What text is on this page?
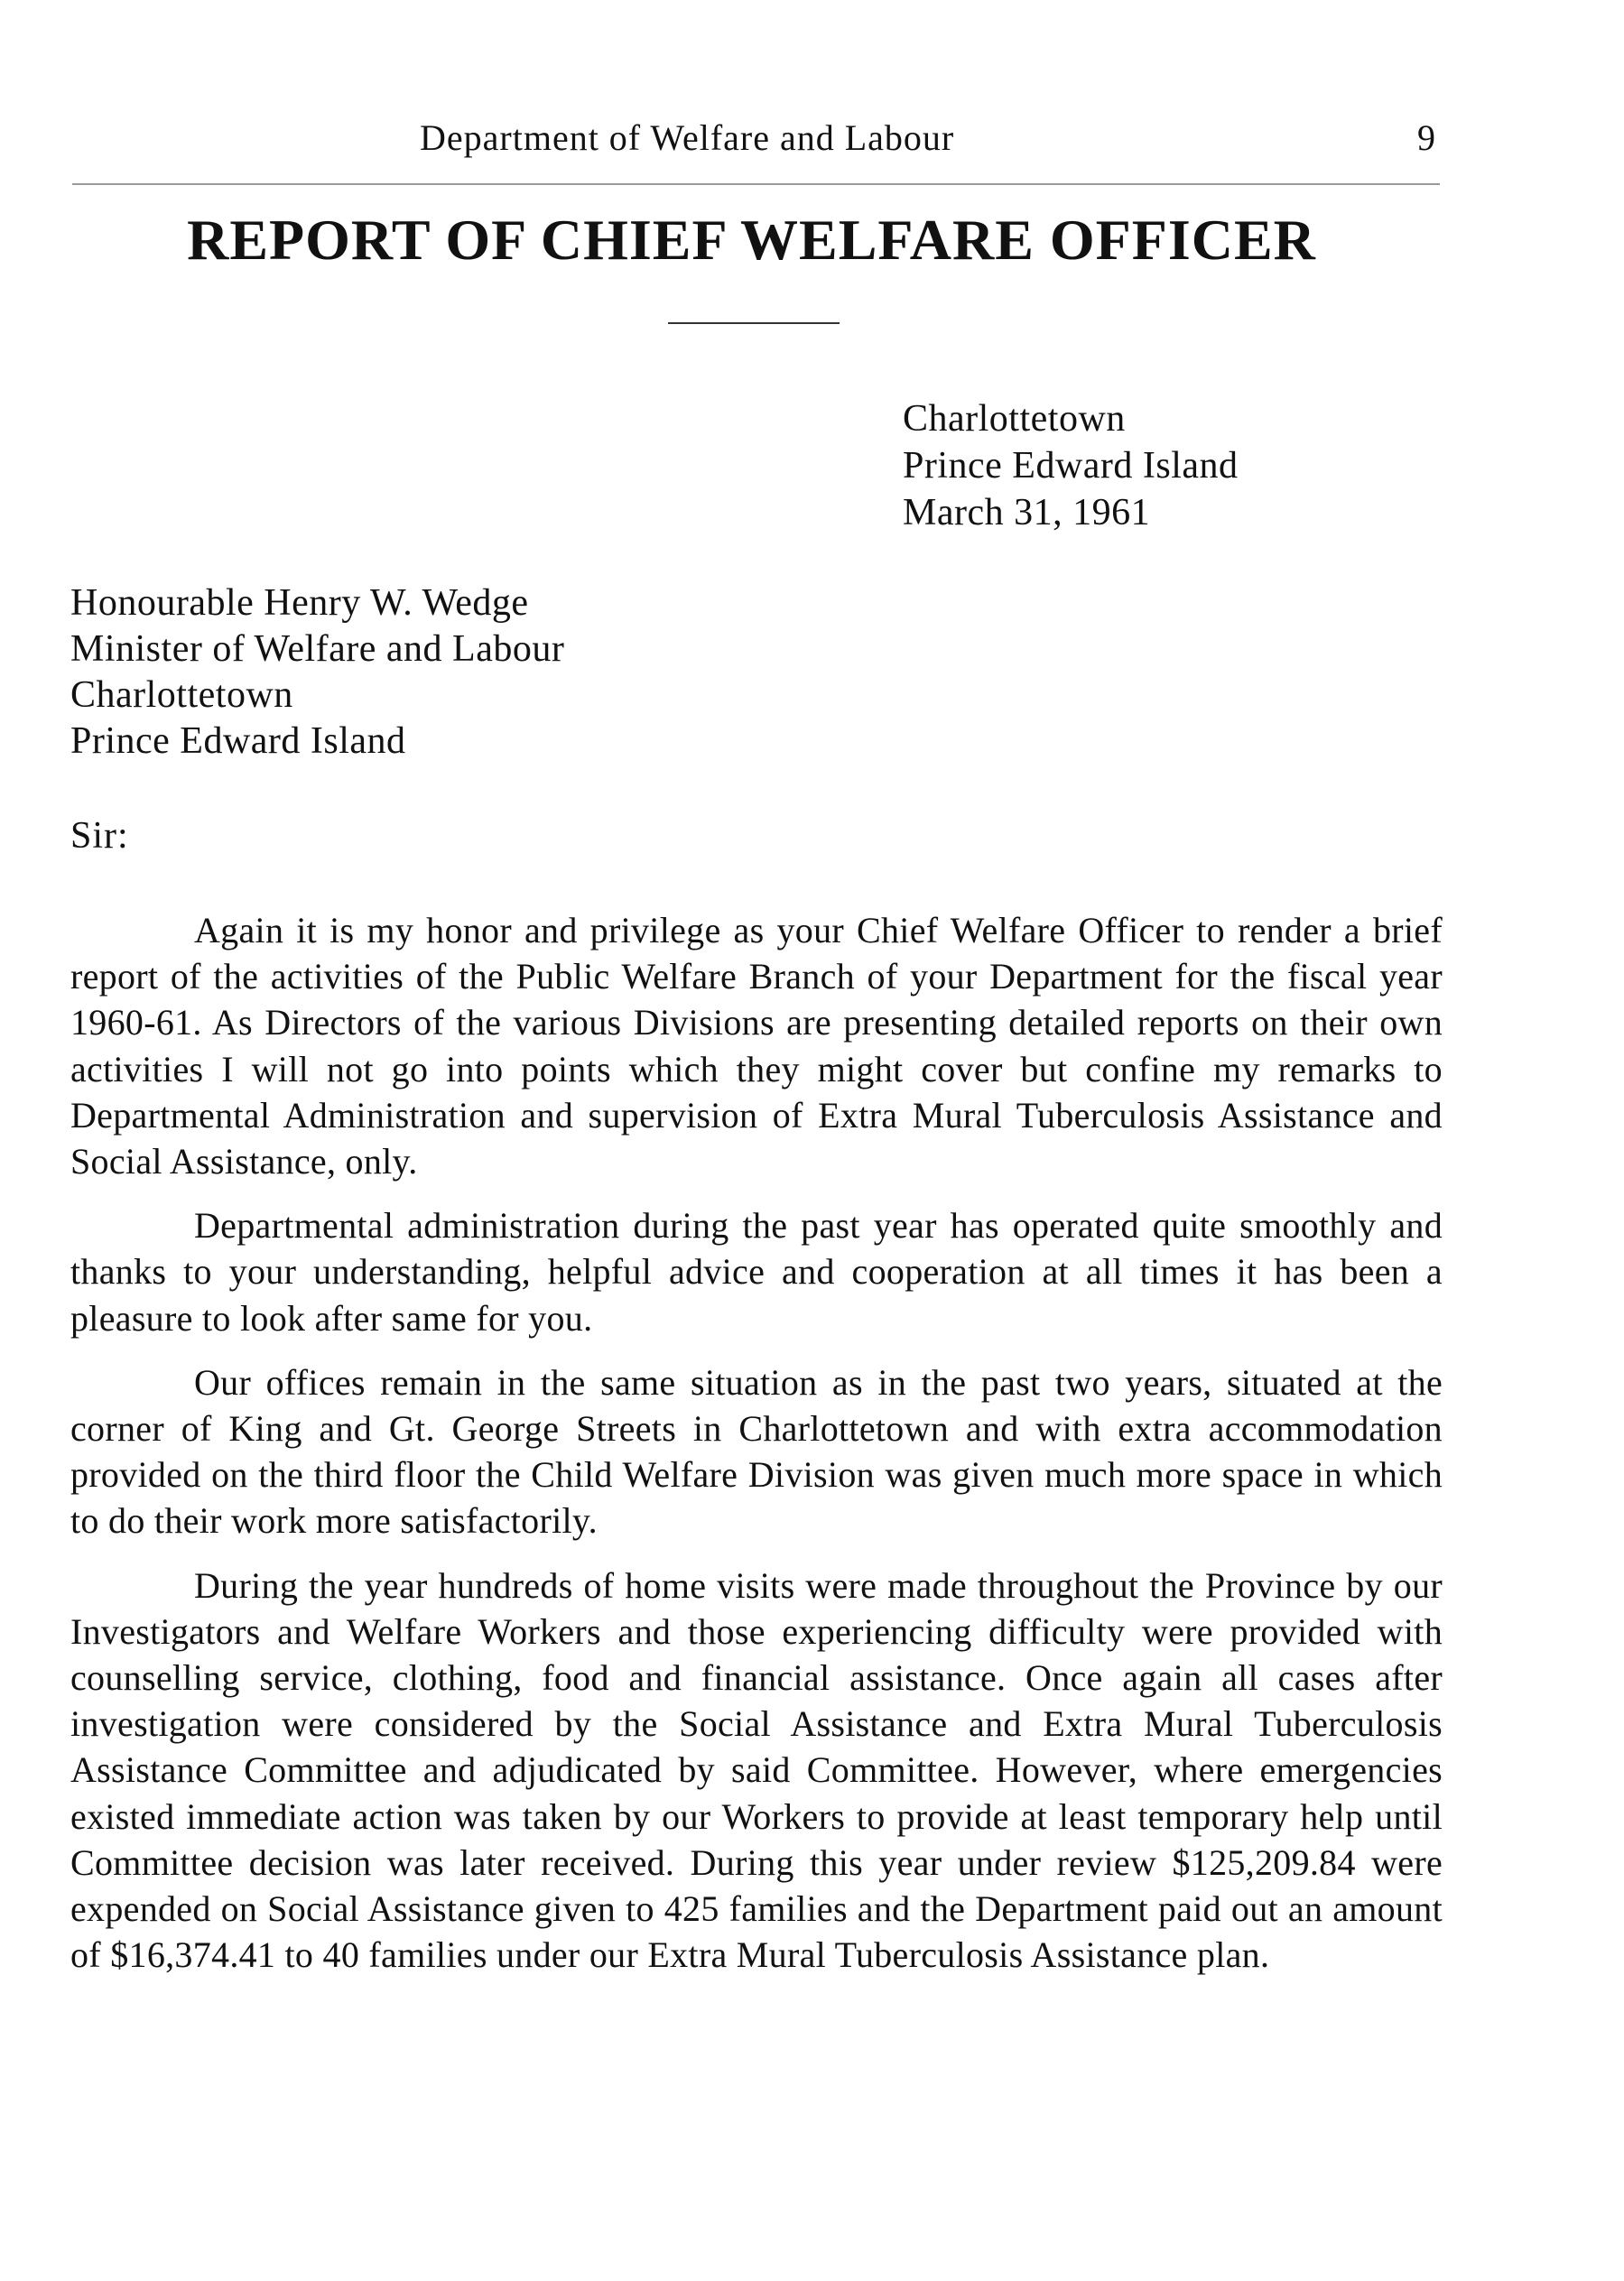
Department of Welfare and Labour	9
REPORT OF CHIEF WELFARE OFFICER
Charlottetown
Prince Edward Island
March 31, 1961
Honourable Henry W. Wedge
Minister of Welfare and Labour
Charlottetown
Prince Edward Island
Sir:

Again it is my honor and privilege as your Chief Welfare Officer to render a brief report of the activities of the Public Welfare Branch of your Department for the fiscal year 1960-61. As Directors of the various Divisions are presenting detailed reports on their own activities I will not go into points which they might cover but confine my remarks to Departmental Administration and supervision of Extra Mural Tuberculosis Assistance and Social Assistance, only.

Departmental administration during the past year has operated quite smoothly and thanks to your understanding, helpful advice and cooperation at all times it has been a pleasure to look after same for you.

Our offices remain in the same situation as in the past two years, situated at the corner of King and Gt. George Streets in Charlottetown and with extra accommodation provided on the third floor the Child Welfare Division was given much more space in which to do their work more satisfactorily.

During the year hundreds of home visits were made throughout the Province by our Investigators and Welfare Workers and those experiencing difficulty were provided with counselling service, clothing, food and financial assistance. Once again all cases after investigation were considered by the Social Assistance and Extra Mural Tuberculosis Assistance Committee and adjudicated by said Committee. However, where emergencies existed immediate action was taken by our Workers to provide at least temporary help until Committee decision was later received. During this year under review $125,209.84 were expended on Social Assistance given to 425 families and the Department paid out an amount of $16,374.41 to 40 families under our Extra Mural Tuberculosis Assistance plan.
